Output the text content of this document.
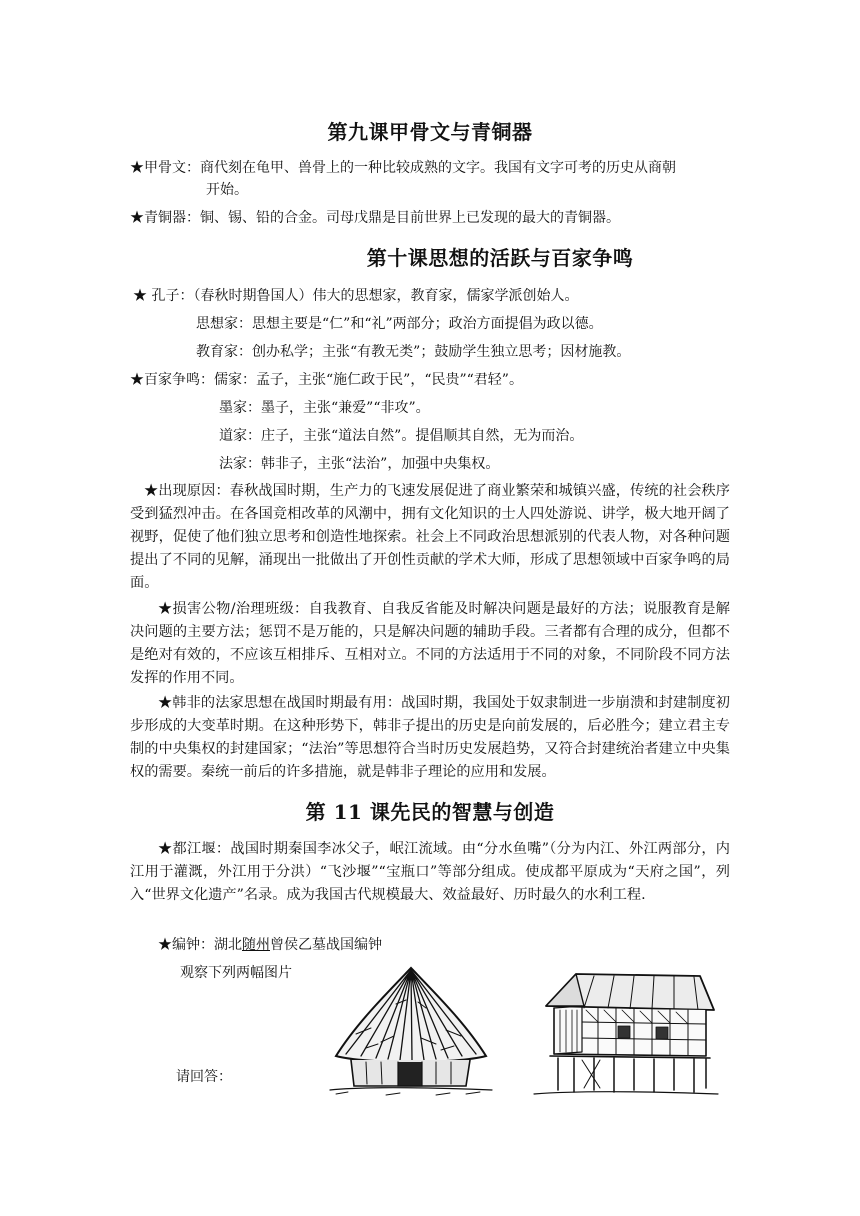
第九课甲骨文与青铜器
★甲骨文：商代刻在龟甲、兽骨上的一种比较成熟的文字。我国有文字可考的历史从商朝
开始。
★青铜器：铜、锡、铅的合金。司母戊鼎是目前世界上已发现的最大的青铜器。
第十课思想的活跃与百家争鸣
★ 孔子：（春秋时期鲁国人）伟大的思想家，教育家，儒家学派创始人。
思想家：思想主要是“仁”和“礼”两部分；政治方面提倡为政以德。
教育家：创办私学；主张“有教无类”；鼓励学生独立思考；因材施教。
★百家争鸣：儒家：孟子，主张“施仁政于民”，“民贵”“君轻”。
墨家：墨子，主张“兼爱”“非攻”。
道家：庄子，主张“道法自然”。提倡顺其自然，无为而治。
法家：韩非子，主张“法治”，加强中央集权。

★出现原因：春秋战国时期，生产力的飞速发展促进了商业繁荣和城镇兴盛，传统的社会秩序受到猛烈冲击。在各国竞相改革的风潮中，拥有文化知识的士人四处游说、讲学，极大地开阔了视野，促使了他们独立思考和创造性地探索。社会上不同政治思想派别的代表人物，对各种问题提出了不同的见解，涌现出一批做出了开创性贡献的学术大师，形成了思想领域中百家争鸣的局面。

★损害公物/治理班级：自我教育、自我反省能及时解决问题是最好的方法；说服教育是解决问题的主要方法；惩罚不是万能的，只是解决问题的辅助手段。三者都有合理的成分，但都不是绝对有效的，不应该互相排斥、互相对立。不同的方法适用于不同的对象，不同阶段不同方法发挥的作用不同。

★韩非的法家思想在战国时期最有用：战国时期，我国处于奴隶制进一步崩溃和封建制度初步形成的大变革时期。在这种形势下，韩非子提出的历史是向前发展的，后必胜今；建立君主专制的中央集权的封建国家；“法治”等思想符合当时历史发展趋势，又符合封建统治者建立中央集权的需要。秦统一前后的许多措施，就是韩非子理论的应用和发展。

第 11 课先民的智慧与创造

★都江堰：战国时期秦国李冰父子，岷江流域。由“分水鱼嘴”（分为内江、外江两部分，内江用于灌溉，外江用于分洪）“飞沙堰”“宝瓶口”等部分组成。使成都平原成为“天府之国”，列入“世界文化遗产”名录。成为我国古代规模最大、效益最好、历时最久的水利工程.

★编钟：湖北随州曾侯乙墓战国编钟
观察下列两幅图片
请回答：
